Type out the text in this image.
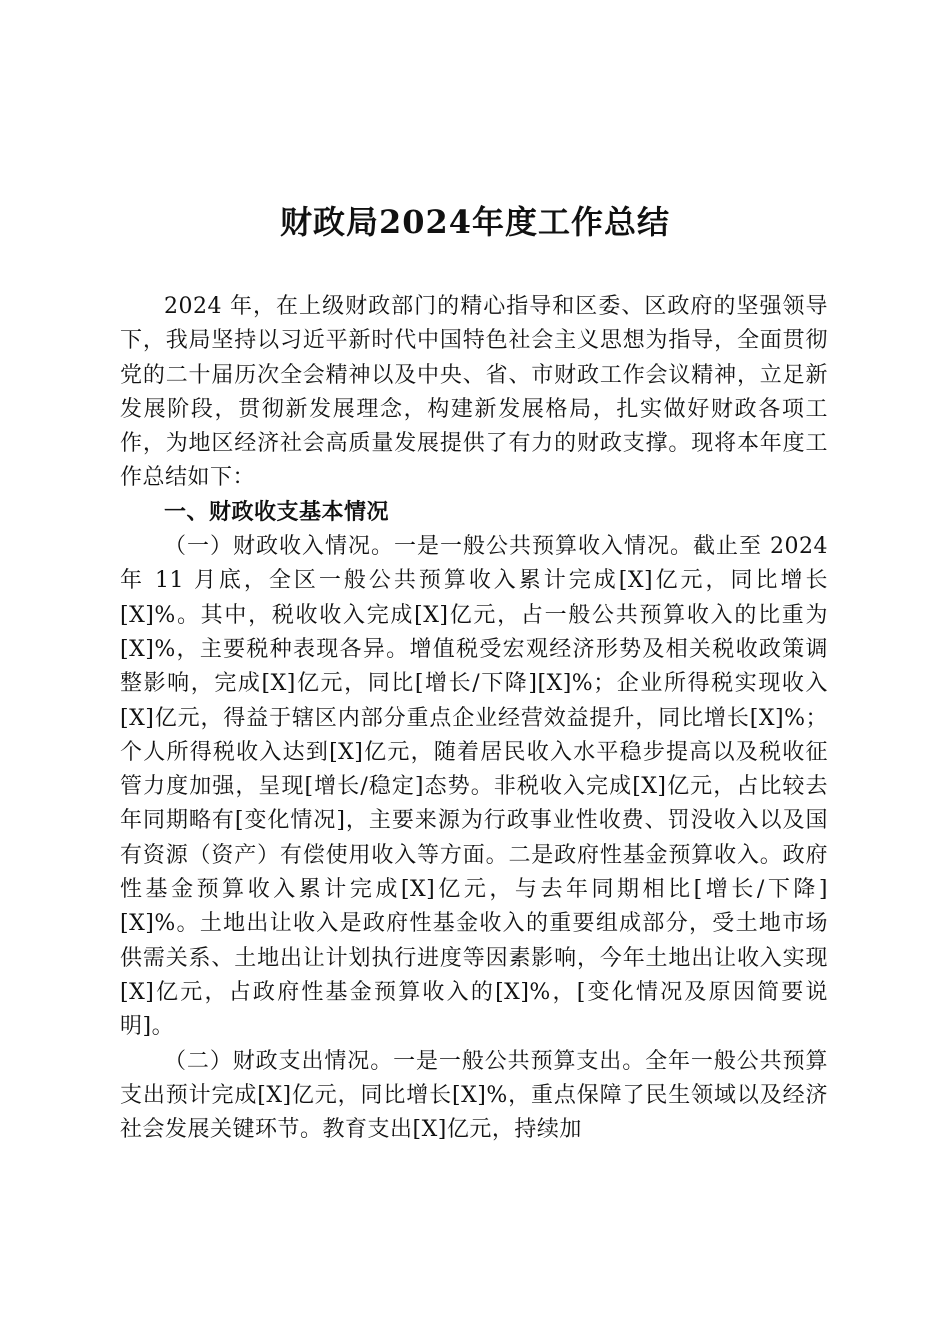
财政局2024年度工作总结

2024 年，在上级财政部门的精心指导和区委、区政府的坚强领导下，我局坚持以习近平新时代中国特色社会主义思想为指导，全面贯彻党的二十届历次全会精神以及中央、省、市财政工作会议精神，立足新发展阶段，贯彻新发展理念，构建新发展格局，扎实做好财政各项工作，为地区经济社会高质量发展提供了有力的财政支撑。现将本年度工作总结如下：

一、财政收支基本情况

（一）财政收入情况。一是一般公共预算收入情况。截止至 2024 年 11 月底，全区一般公共预算收入累计完成[X]亿元，同比增长[X]%。其中，税收收入完成[X]亿元，占一般公共预算收入的比重为[X]%，主要税种表现各异。增值税受宏观经济形势及相关税收政策调整影响，完成[X]亿元，同比[增长/下降][X]%；企业所得税实现收入[X]亿元，得益于辖区内部分重点企业经营效益提升，同比增长[X]%；个人所得税收入达到[X]亿元，随着居民收入水平稳步提高以及税收征管力度加强，呈现[增长/稳定]态势。非税收入完成[X]亿元，占比较去年同期略有[变化情况]，主要来源为行政事业性收费、罚没收入以及国有资源（资产）有偿使用收入等方面。二是政府性基金预算收入。政府性基金预算收入累计完成[X]亿元，与去年同期相比[增长/下降] [X]%。土地出让收入是政府性基金收入的重要组成部分，受土地市场供需关系、土地出让计划执行进度等因素影响，今年土地出让收入实现[X]亿元，占政府性基金预算收入的[X]%，[变化情况及原因简要说明]。

（二）财政支出情况。一是一般公共预算支出。全年一般公共预算支出预计完成[X]亿元，同比增长[X]%，重点保障了民生领域以及经济社会发展关键环节。教育支出[X]亿元，持续加
